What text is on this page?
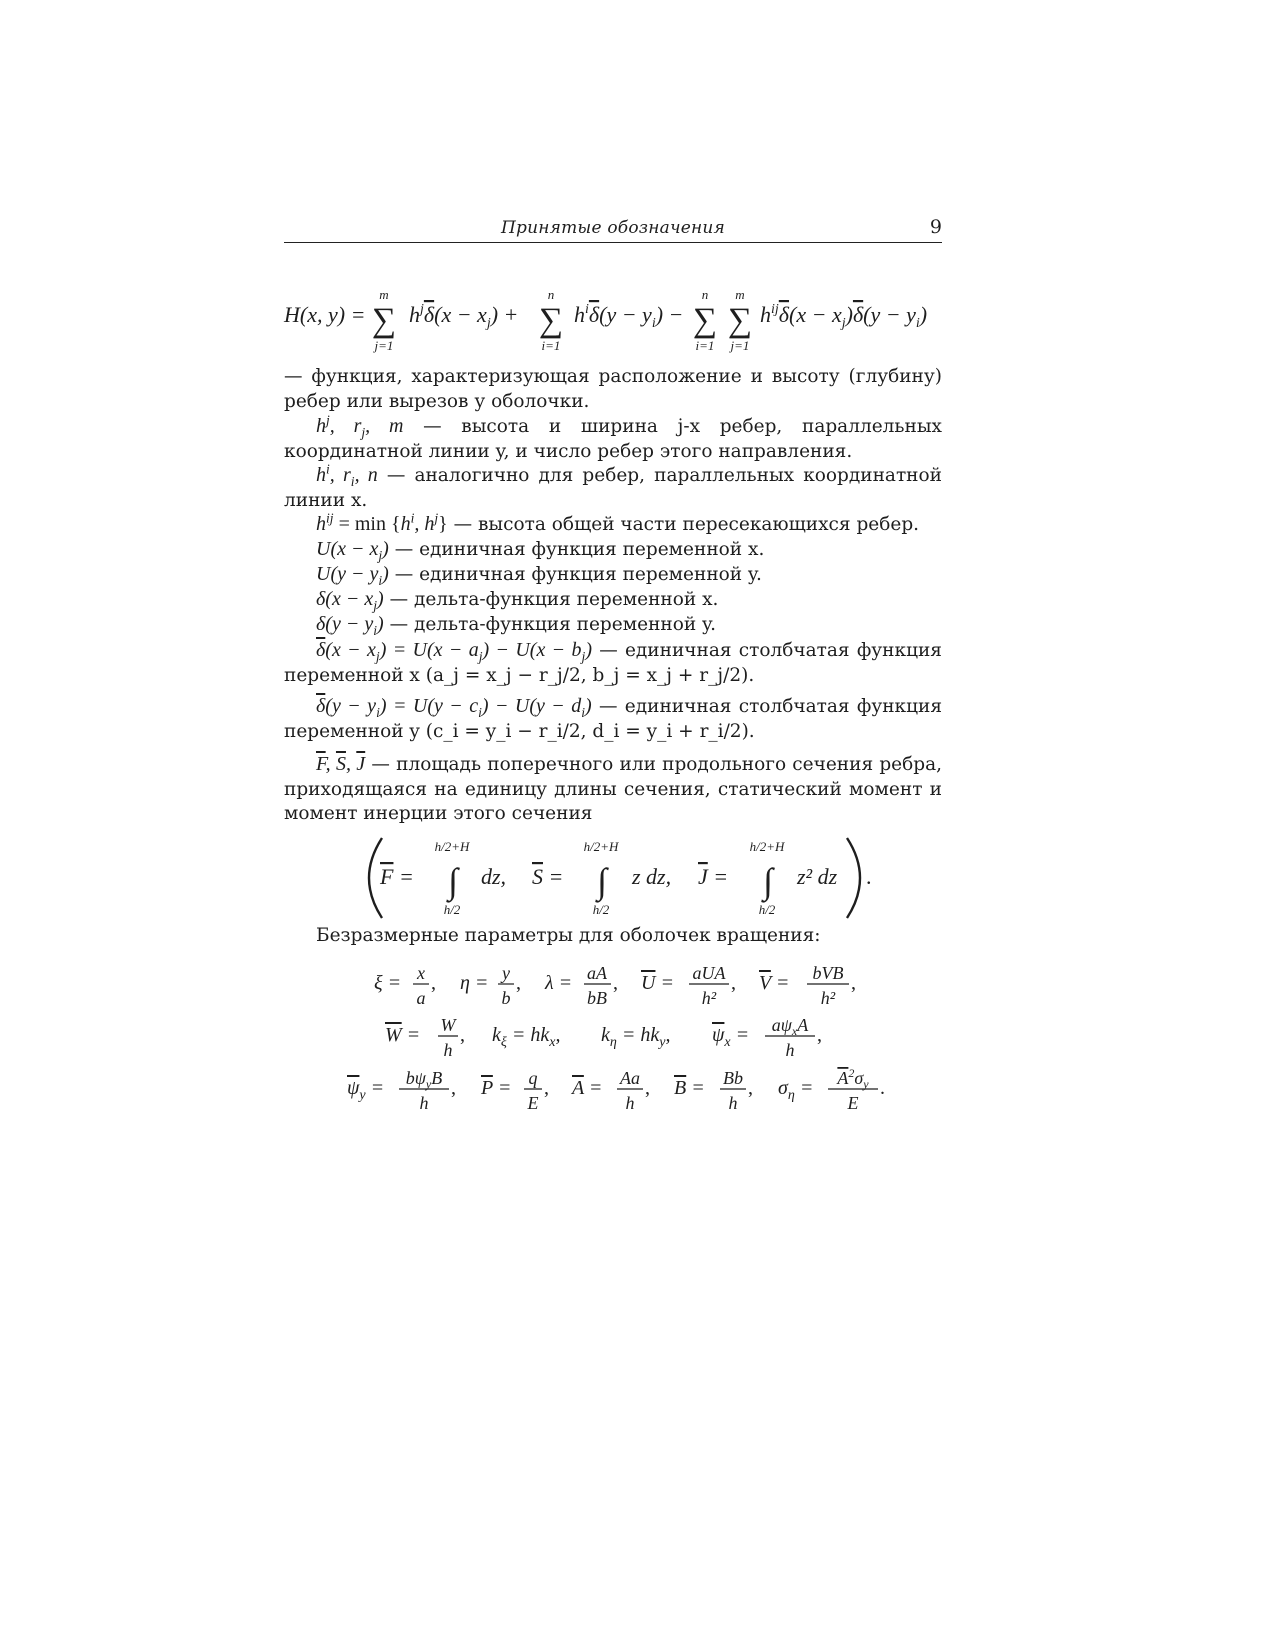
Принятые обозначения	9
H(x, y) =
m
∑
j=1
$h^j\delta(x - x_j)$ +
n
∑
i=1
$h^i\delta(y - y_i)$ −
n
∑
i=1
m
∑
j=1
$h^{ij}\delta(x - x_j)\delta(y - y_i)$
F =
h/2+H
∫
h/2
dz, S =
h/2+H
∫
h/2
z dz, J =
h/2+H
∫
h/2
z² dz .
ξ = x
a
, η = y
b
, λ = aA
bB
, U = aUA
h²
, V = bVB
h²
,
W = W
h
, $k_\xi = hk_x$, $k_\eta = hk_y$, $\psi_x = a\psi_xA$
h
,
$\psi_y = b\psi_yB$
h
, P = q
E
, A = Aa
h
, B = Bb
h
, $\sigma_\eta = A^2\sigma_y$
E
.
— функция, характеризующая расположение и высоту (глубину) ребер или вырезов у оболочки.
$h^j$, $r_j$, m — высота и ширина j-х ребер, параллельных координатной линии y, и число ребер этого направления.
$h^i$, $r_i$, n — аналогично для ребер, параллельных координатной линии x.
$h^{ij} = \min \{h^i$, $h^j$} — высота общей части пересекающихся ребер.
$U(x - x_j)$ — единичная функция переменной x.
$U(y - y_i)$ — единичная функция переменной y.
$\delta(x - x_j)$ — дельта-функция переменной x.
$\delta(y - y_i)$ — дельта-функция переменной y.
$\overline{\delta}(x - x_j) = U(x - a_j) - U(x - b_j)$ — единичная столбчатая функция переменной x (a_j = x_j − r_j/2, b_j = x_j + r_j/2).
$\overline{\delta}(y - y_i) = U(y - c_i) - U(y - d_i)$ — единичная столбчатая функция переменной y (c_i = y_i − r_i/2, d_i = y_i + r_i/2).
$\overline{F}$, $\overline{S}$, $\overline{J}$ — площадь поперечного или продольного сечения ребра, приходящаяся на единицу длины сечения, статический момент и момент инерции этого сечения
Безразмерные параметры для оболочек вращения:
